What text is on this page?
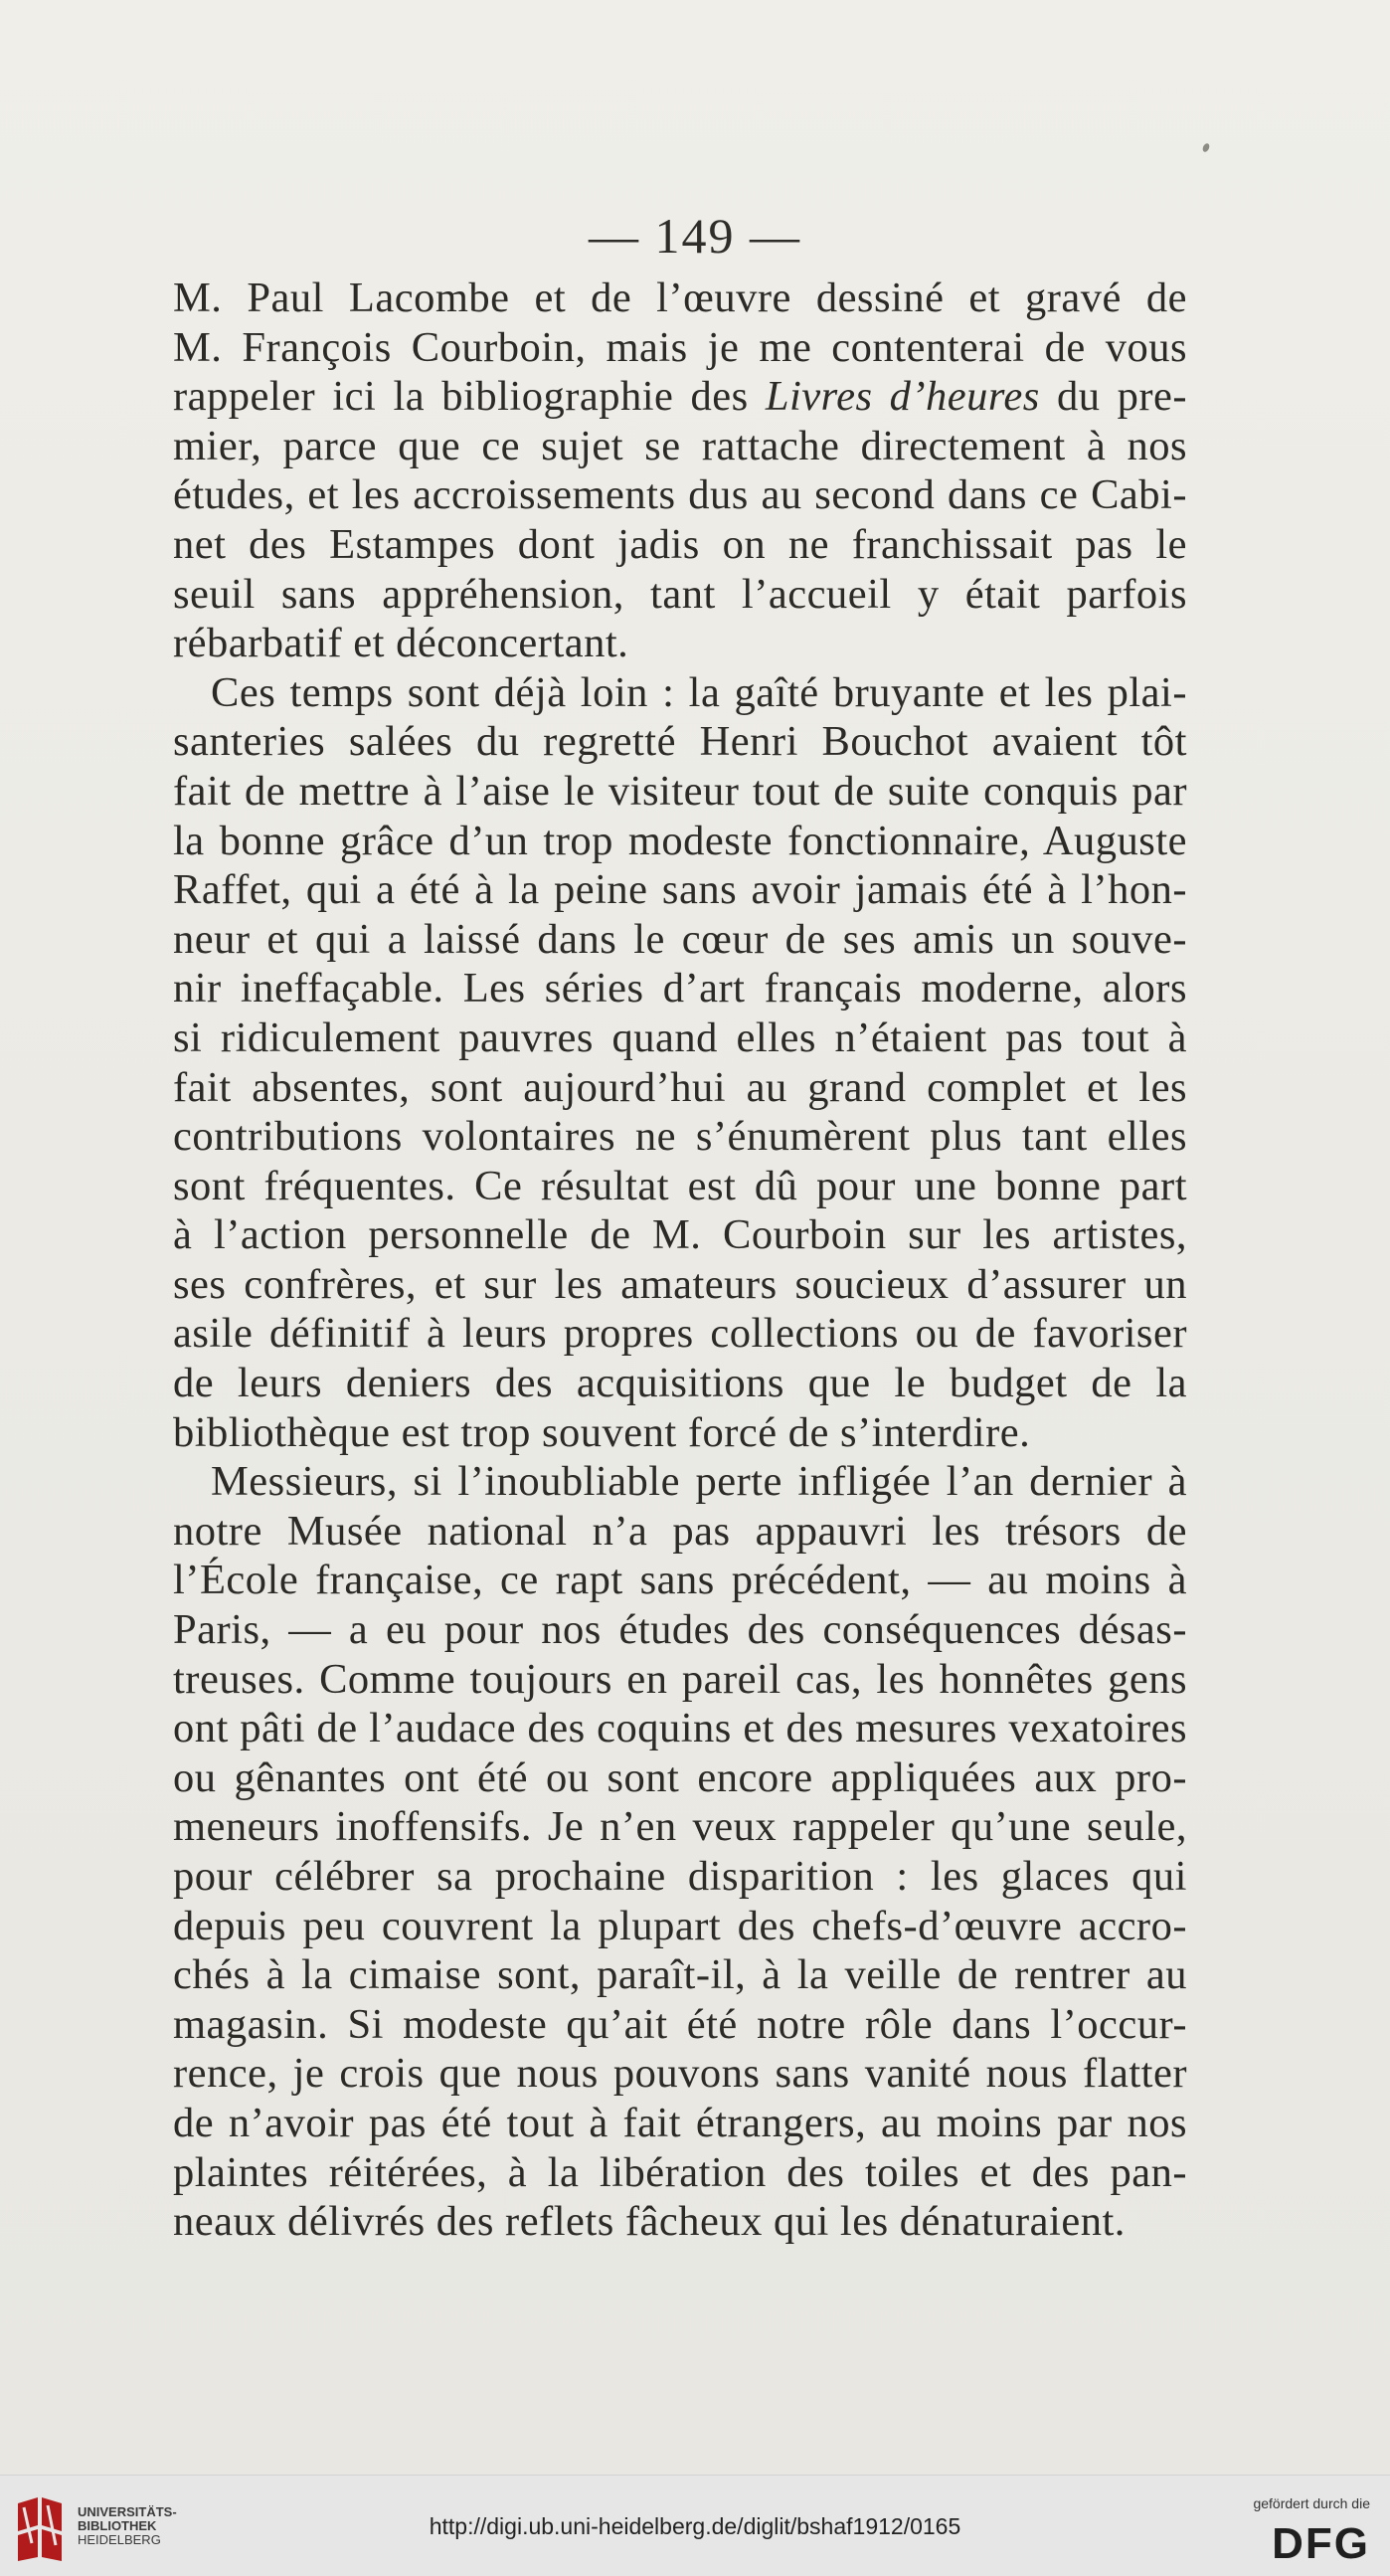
— 149 —

M. Paul Lacombe et de l’œuvre dessiné et gravé de
M. François Courboin, mais je me contenterai de vous
rappeler ici la bibliographie des Livres d’heures du pre-
mier, parce que ce sujet se rattache directement à nos
études, et les accroissements dus au second dans ce Cabi-
net des Estampes dont jadis on ne franchissait pas le
seuil sans appréhension, tant l’accueil y était parfois
rébarbatif et déconcertant.

Ces temps sont déjà loin : la gaîté bruyante et les plai-
santeries salées du regretté Henri Bouchot avaient tôt
fait de mettre à l’aise le visiteur tout de suite conquis par
la bonne grâce d’un trop modeste fonctionnaire, Auguste
Raffet, qui a été à la peine sans avoir jamais été à l’hon-
neur et qui a laissé dans le cœur de ses amis un souve-
nir ineffaçable. Les séries d’art français moderne, alors
si ridiculement pauvres quand elles n’étaient pas tout à
fait absentes, sont aujourd’hui au grand complet et les
contributions volontaires ne s’énumèrent plus tant elles
sont fréquentes. Ce résultat est dû pour une bonne part
à l’action personnelle de M. Courboin sur les artistes,
ses confrères, et sur les amateurs soucieux d’assurer un
asile définitif à leurs propres collections ou de favoriser
de leurs deniers des acquisitions que le budget de la
bibliothèque est trop souvent forcé de s’interdire.

Messieurs, si l’inoubliable perte infligée l’an dernier à
notre Musée national n’a pas appauvri les trésors de
l’École française, ce rapt sans précédent, — au moins à
Paris, — a eu pour nos études des conséquences désas-
treuses. Comme toujours en pareil cas, les honnêtes gens
ont pâti de l’audace des coquins et des mesures vexatoires
ou gênantes ont été ou sont encore appliquées aux pro-
meneurs inoffensifs. Je n’en veux rappeler qu’une seule,
pour célébrer sa prochaine disparition : les glaces qui
depuis peu couvrent la plupart des chefs-d’œuvre accro-
chés à la cimaise sont, paraît-il, à la veille de rentrer au
magasin. Si modeste qu’ait été notre rôle dans l’occur-
rence, je crois que nous pouvons sans vanité nous flatter
de n’avoir pas été tout à fait étrangers, au moins par nos
plaintes réitérées, à la libération des toiles et des pan-
neaux délivrés des reflets fâcheux qui les dénaturaient.

UNIVERSITÄTS-
BIBLIOTHEK
HEIDELBERG
http://digi.ub.uni-heidelberg.de/diglit/bshaf1912/0165
gefördert durch die
DFG
